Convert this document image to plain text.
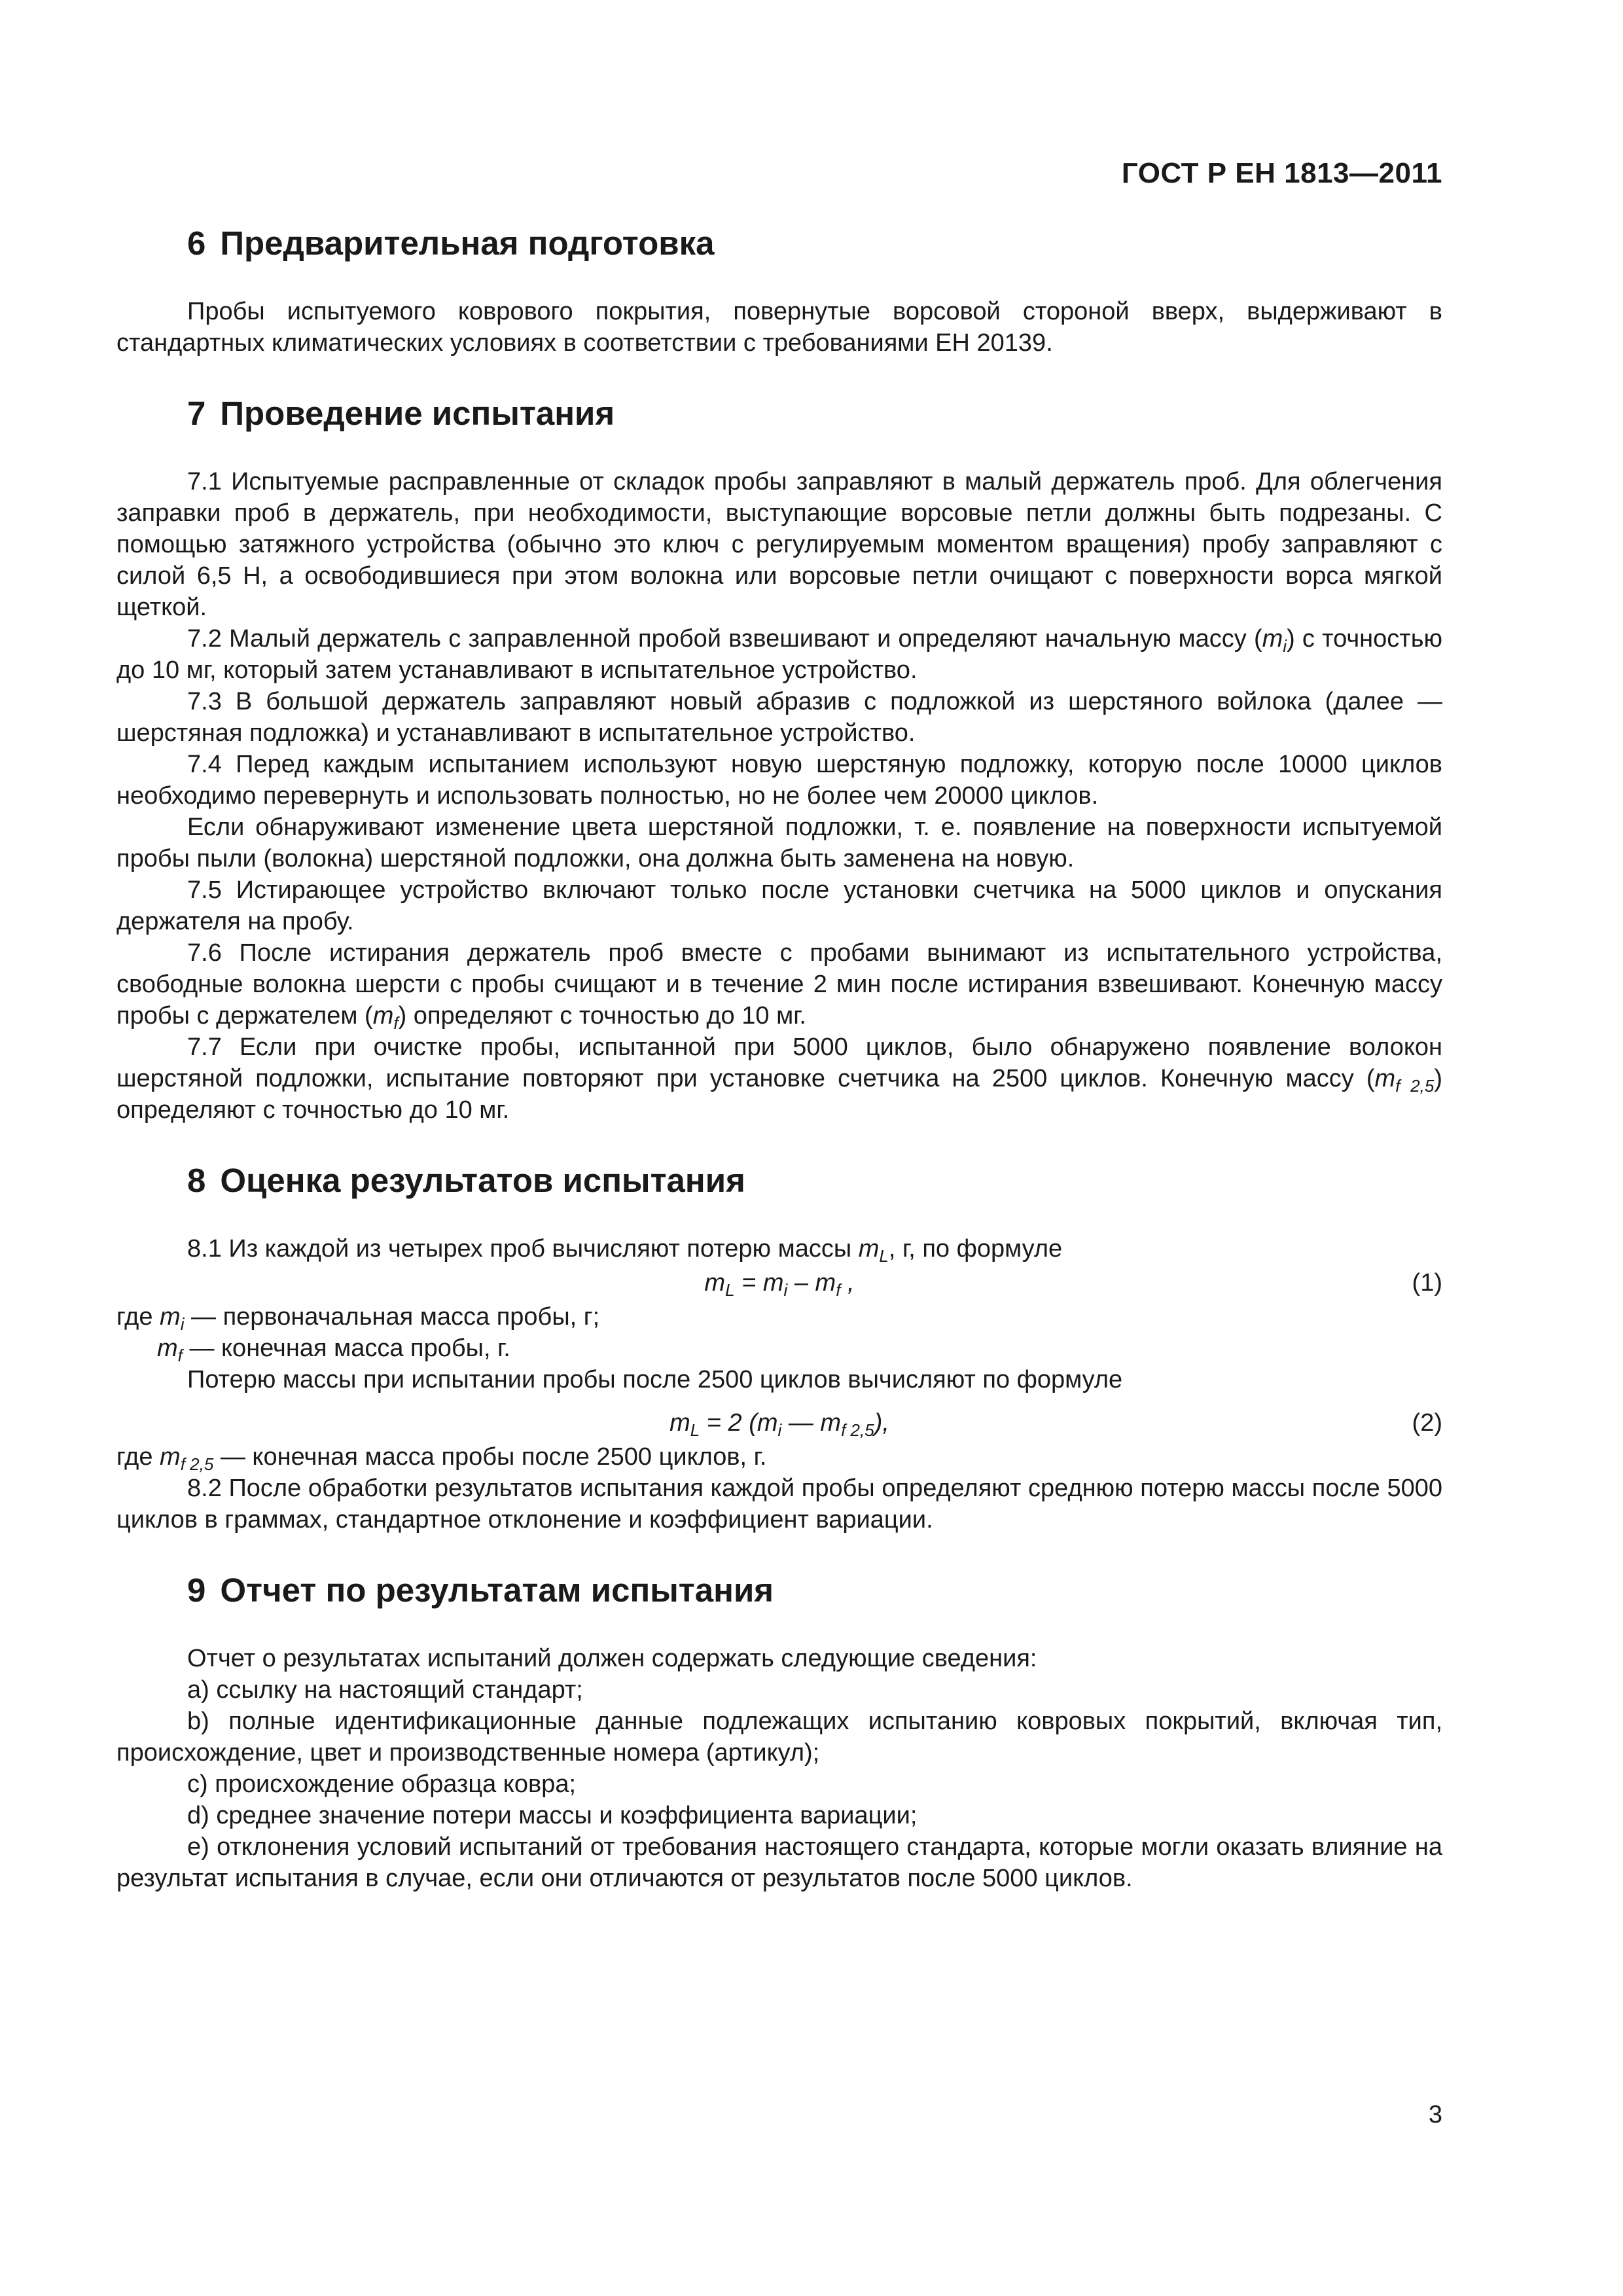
ГОСТ Р ЕН 1813—2011
6 Предварительная подготовка

Пробы испытуемого коврового покрытия, повернутые ворсовой стороной вверх, выдерживают в стандартных климатических условиях в соответствии с требованиями ЕН 20139.

7 Проведение испытания

7.1 Испытуемые расправленные от складок пробы заправляют в малый держатель проб. Для облегчения заправки проб в держатель, при необходимости, выступающие ворсовые петли должны быть подрезаны. С помощью затяжного устройства (обычно это ключ с регулируемым моментом вращения) пробу заправляют с силой 6,5 Н, а освободившиеся при этом волокна или ворсовые петли очищают с поверхности ворса мягкой щеткой.

7.2 Малый держатель с заправленной пробой взвешивают и определяют начальную массу $(m_i)$ с точностью до 10 мг, который затем устанавливают в испытательное устройство.

7.3 В большой держатель заправляют новый абразив с подложкой из шерстяного войлока (далее — шерстяная подложка) и устанавливают в испытательное устройство.

7.4 Перед каждым испытанием используют новую шерстяную подложку, которую после 10000 циклов необходимо перевернуть и использовать полностью, но не более чем 20000 циклов.

Если обнаруживают изменение цвета шерстяной подложки, т. е. появление на поверхности испытуемой пробы пыли (волокна) шерстяной подложки, она должна быть заменена на новую.

7.5 Истирающее устройство включают только после установки счетчика на 5000 циклов и опускания держателя на пробу.

7.6 После истирания держатель проб вместе с пробами вынимают из испытательного устройства, свободные волокна шерсти с пробы счищают и в течение 2 мин после истирания взвешивают. Конечную массу пробы с держателем $(m_f)$ определяют с точностью до 10 мг.

7.7 Если при очистке пробы, испытанной при 5000 циклов, было обнаружено появление волокон шерстяной подложки, испытание повторяют при установке счетчика на 2500 циклов. Конечную массу $(m_{f 2,5})$ определяют с точностью до 10 мг.

8 Оценка результатов испытания

8.1 Из каждой из четырех проб вычисляют потерю массы $m_L$, г, по формуле

$m_L = m_i - m_f$ ,	(1)
где $m_i$ — первоначальная масса пробы, г;
$m_f$ — конечная масса пробы, г.

Потерю массы при испытании пробы после 2500 циклов вычисляют по формуле

$m_L = 2$ ($m_i$ — $m_{f 2,5}$),	(2)
где $m_{f 2,5}$ — конечная масса пробы после 2500 циклов, г.

8.2 После обработки результатов испытания каждой пробы определяют среднюю потерю массы после 5000 циклов в граммах, стандартное отклонение и коэффициент вариации.

9 Отчет по результатам испытания

Отчет о результатах испытаний должен содержать следующие сведения:

a) ссылку на настоящий стандарт;

b) полные идентификационные данные подлежащих испытанию ковровых покрытий, включая тип, происхождение, цвет и производственные номера (артикул);

c) происхождение образца ковра;

d) среднее значение потери массы и коэффициента вариации;

e) отклонения условий испытаний от требования настоящего стандарта, которые могли оказать влияние на результат испытания в случае, если они отличаются от результатов после 5000 циклов.

3
